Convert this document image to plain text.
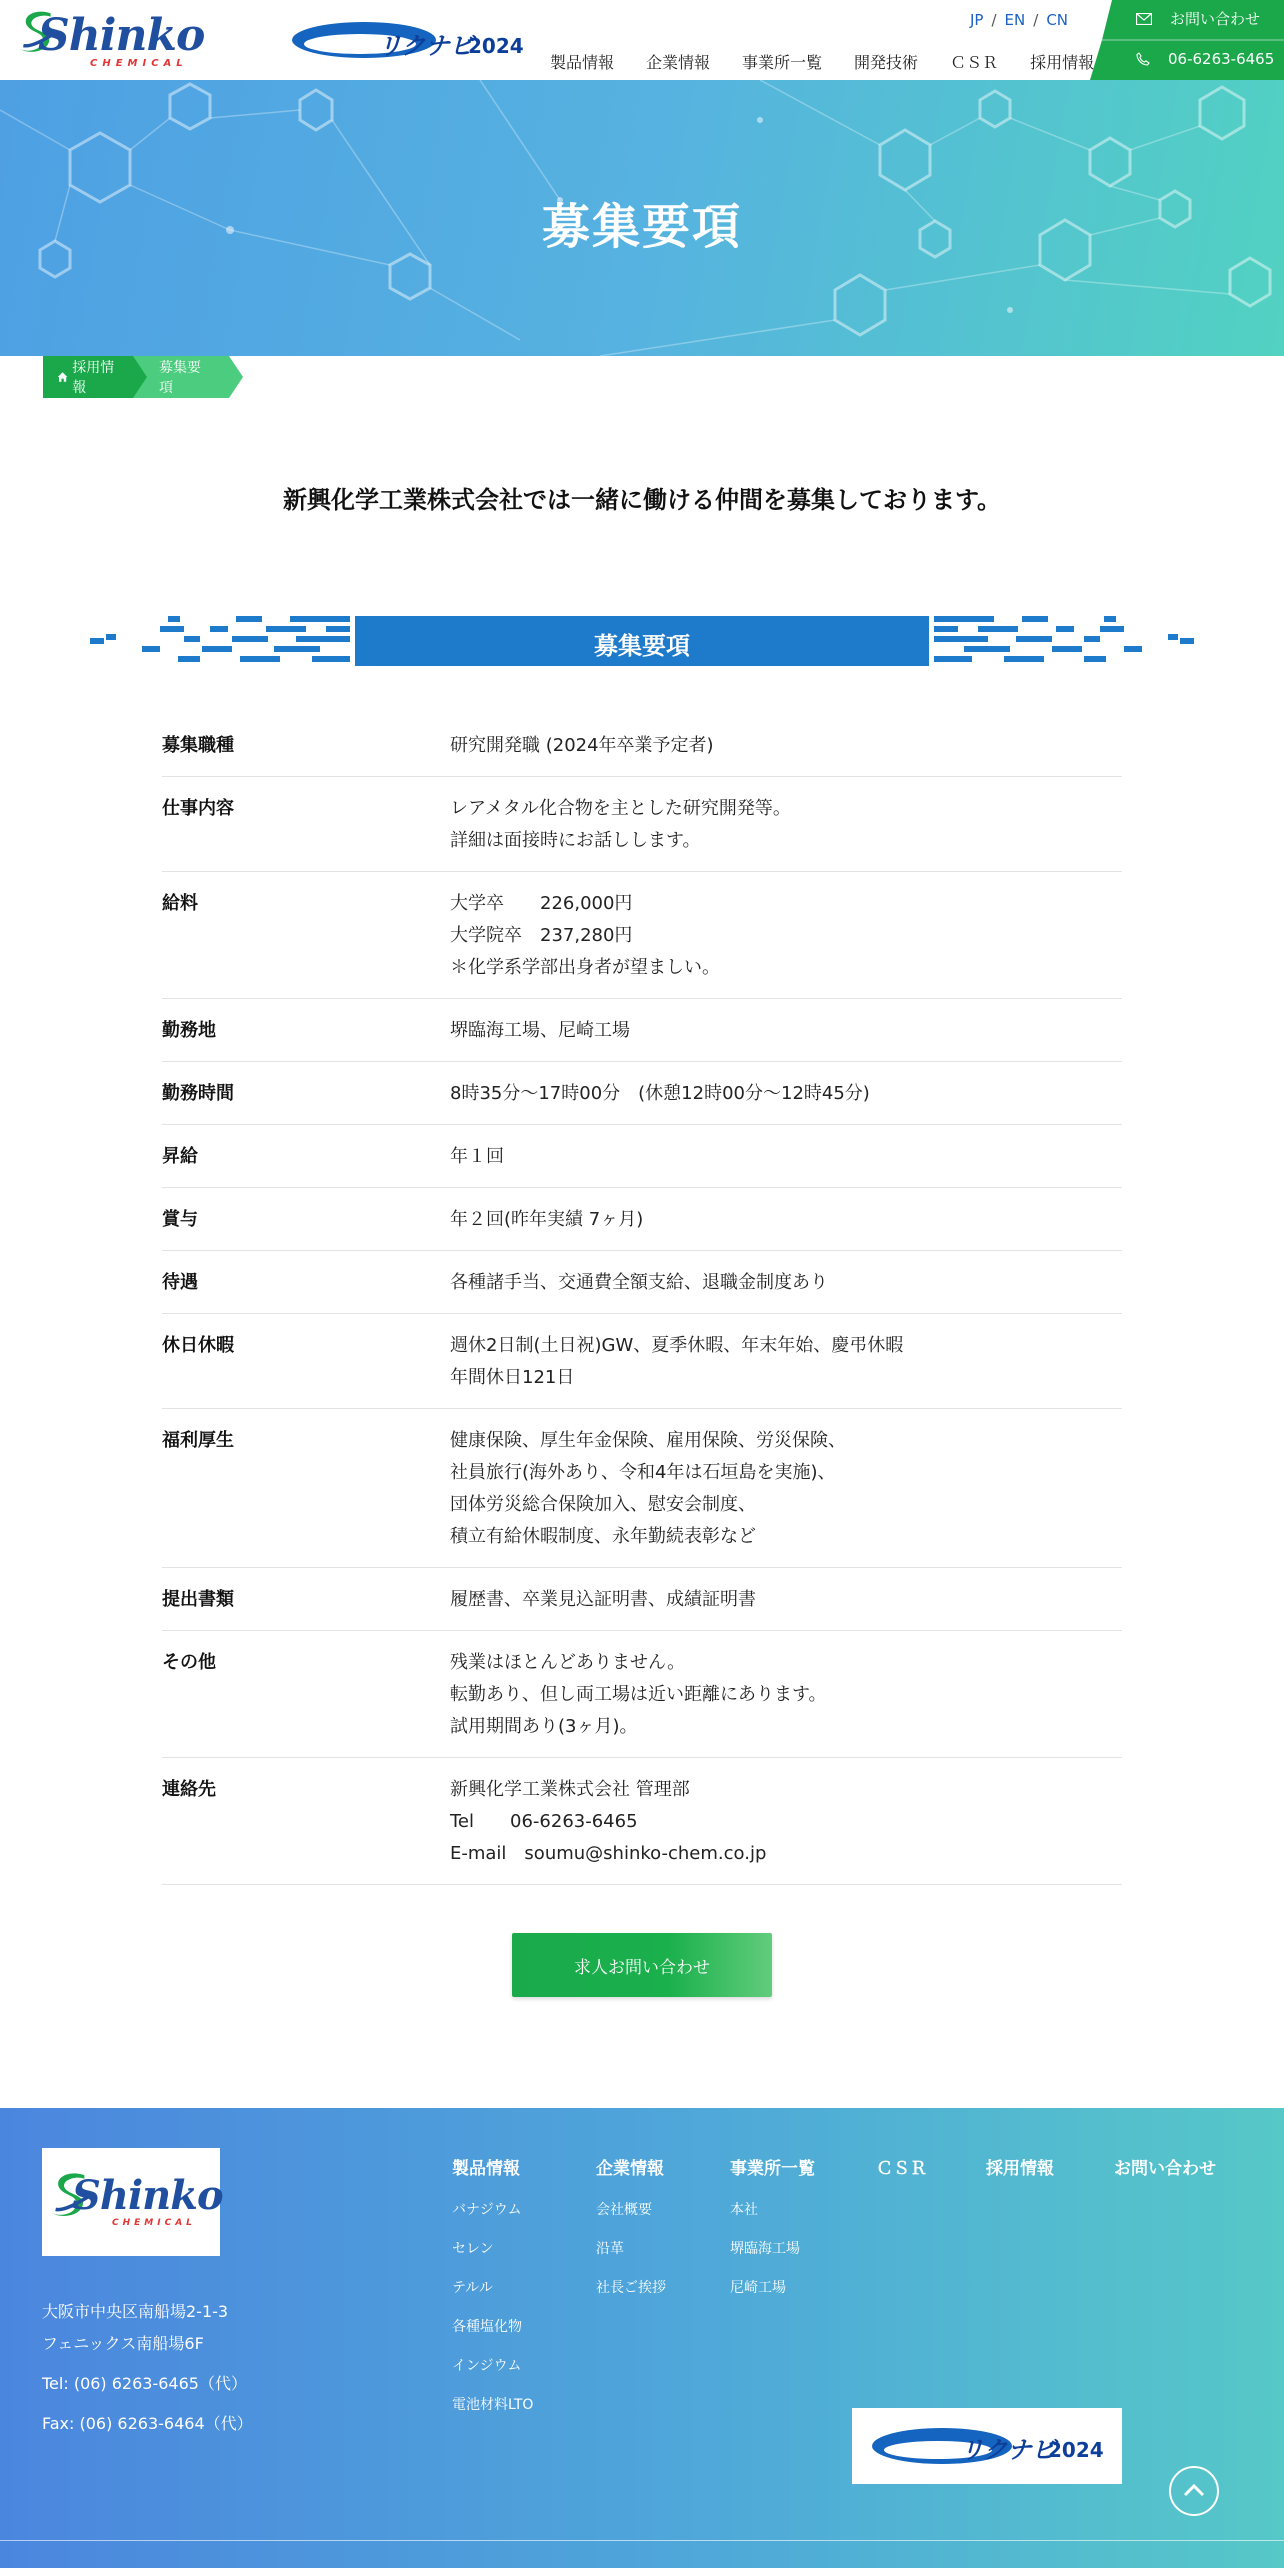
Shinko
CHEMICAL
リクナビ
2024
JP / EN / CN
製品情報 企業情報 事業所一覧 開発技術 ＣＳＲ 採用情報
お問い合わせ
06-6263-6465
募集要項
採用情報
募集要項

新興化学工業株式会社では一緒に働ける仲間を募集しております。

募集要項
募集職種	研究開発職 (2024年卒業予定者)
仕事内容	レアメタル化合物を主とした研究開発等。
詳細は面接時にお話しします。
給料	大学卒　　226,000円
大学院卒　237,280円
＊化学系学部出身者が望ましい。
勤務地	堺臨海工場、尼崎工場
勤務時間	8時35分～17時00分　(休憩12時00分～12時45分)
昇給	年１回
賞与	年２回(昨年実績 7ヶ月)
待遇	各種諸手当、交通費全額支給、退職金制度あり
休日休暇	週休2日制(土日祝)GW、夏季休暇、年末年始、慶弔休暇
年間休日121日
福利厚生	健康保険、厚生年金保険、雇用保険、労災保険、
社員旅行(海外あり、令和4年は石垣島を実施)、
団体労災総合保険加入、慰安会制度、
積立有給休暇制度、永年勤続表彰など
提出書類	履歴書、卒業見込証明書、成績証明書
その他	残業はほとんどありません。
転勤あり、但し両工場は近い距離にあります。
試用期間あり(3ヶ月)。
連絡先	新興化学工業株式会社 管理部
Tel　　06-6263-6465
E-mail　soumu@shinko-chem.co.jp
求人お問い合わせ
Shinko
CHEMICAL
大阪市中央区南船場2-1-3
フェニックス南船場6F
Tel: (06) 6263-6465（代）
Fax: (06) 6263-6464（代）
製品情報
バナジウム
セレン
テルル
各種塩化物
インジウム
電池材料LTO
企業情報
会社概要
沿革
社長ご挨拶
事業所一覧
本社
堺臨海工場
尼崎工場
ＣＳＲ	採用情報	お問い合わせ
リクナビ
2024
